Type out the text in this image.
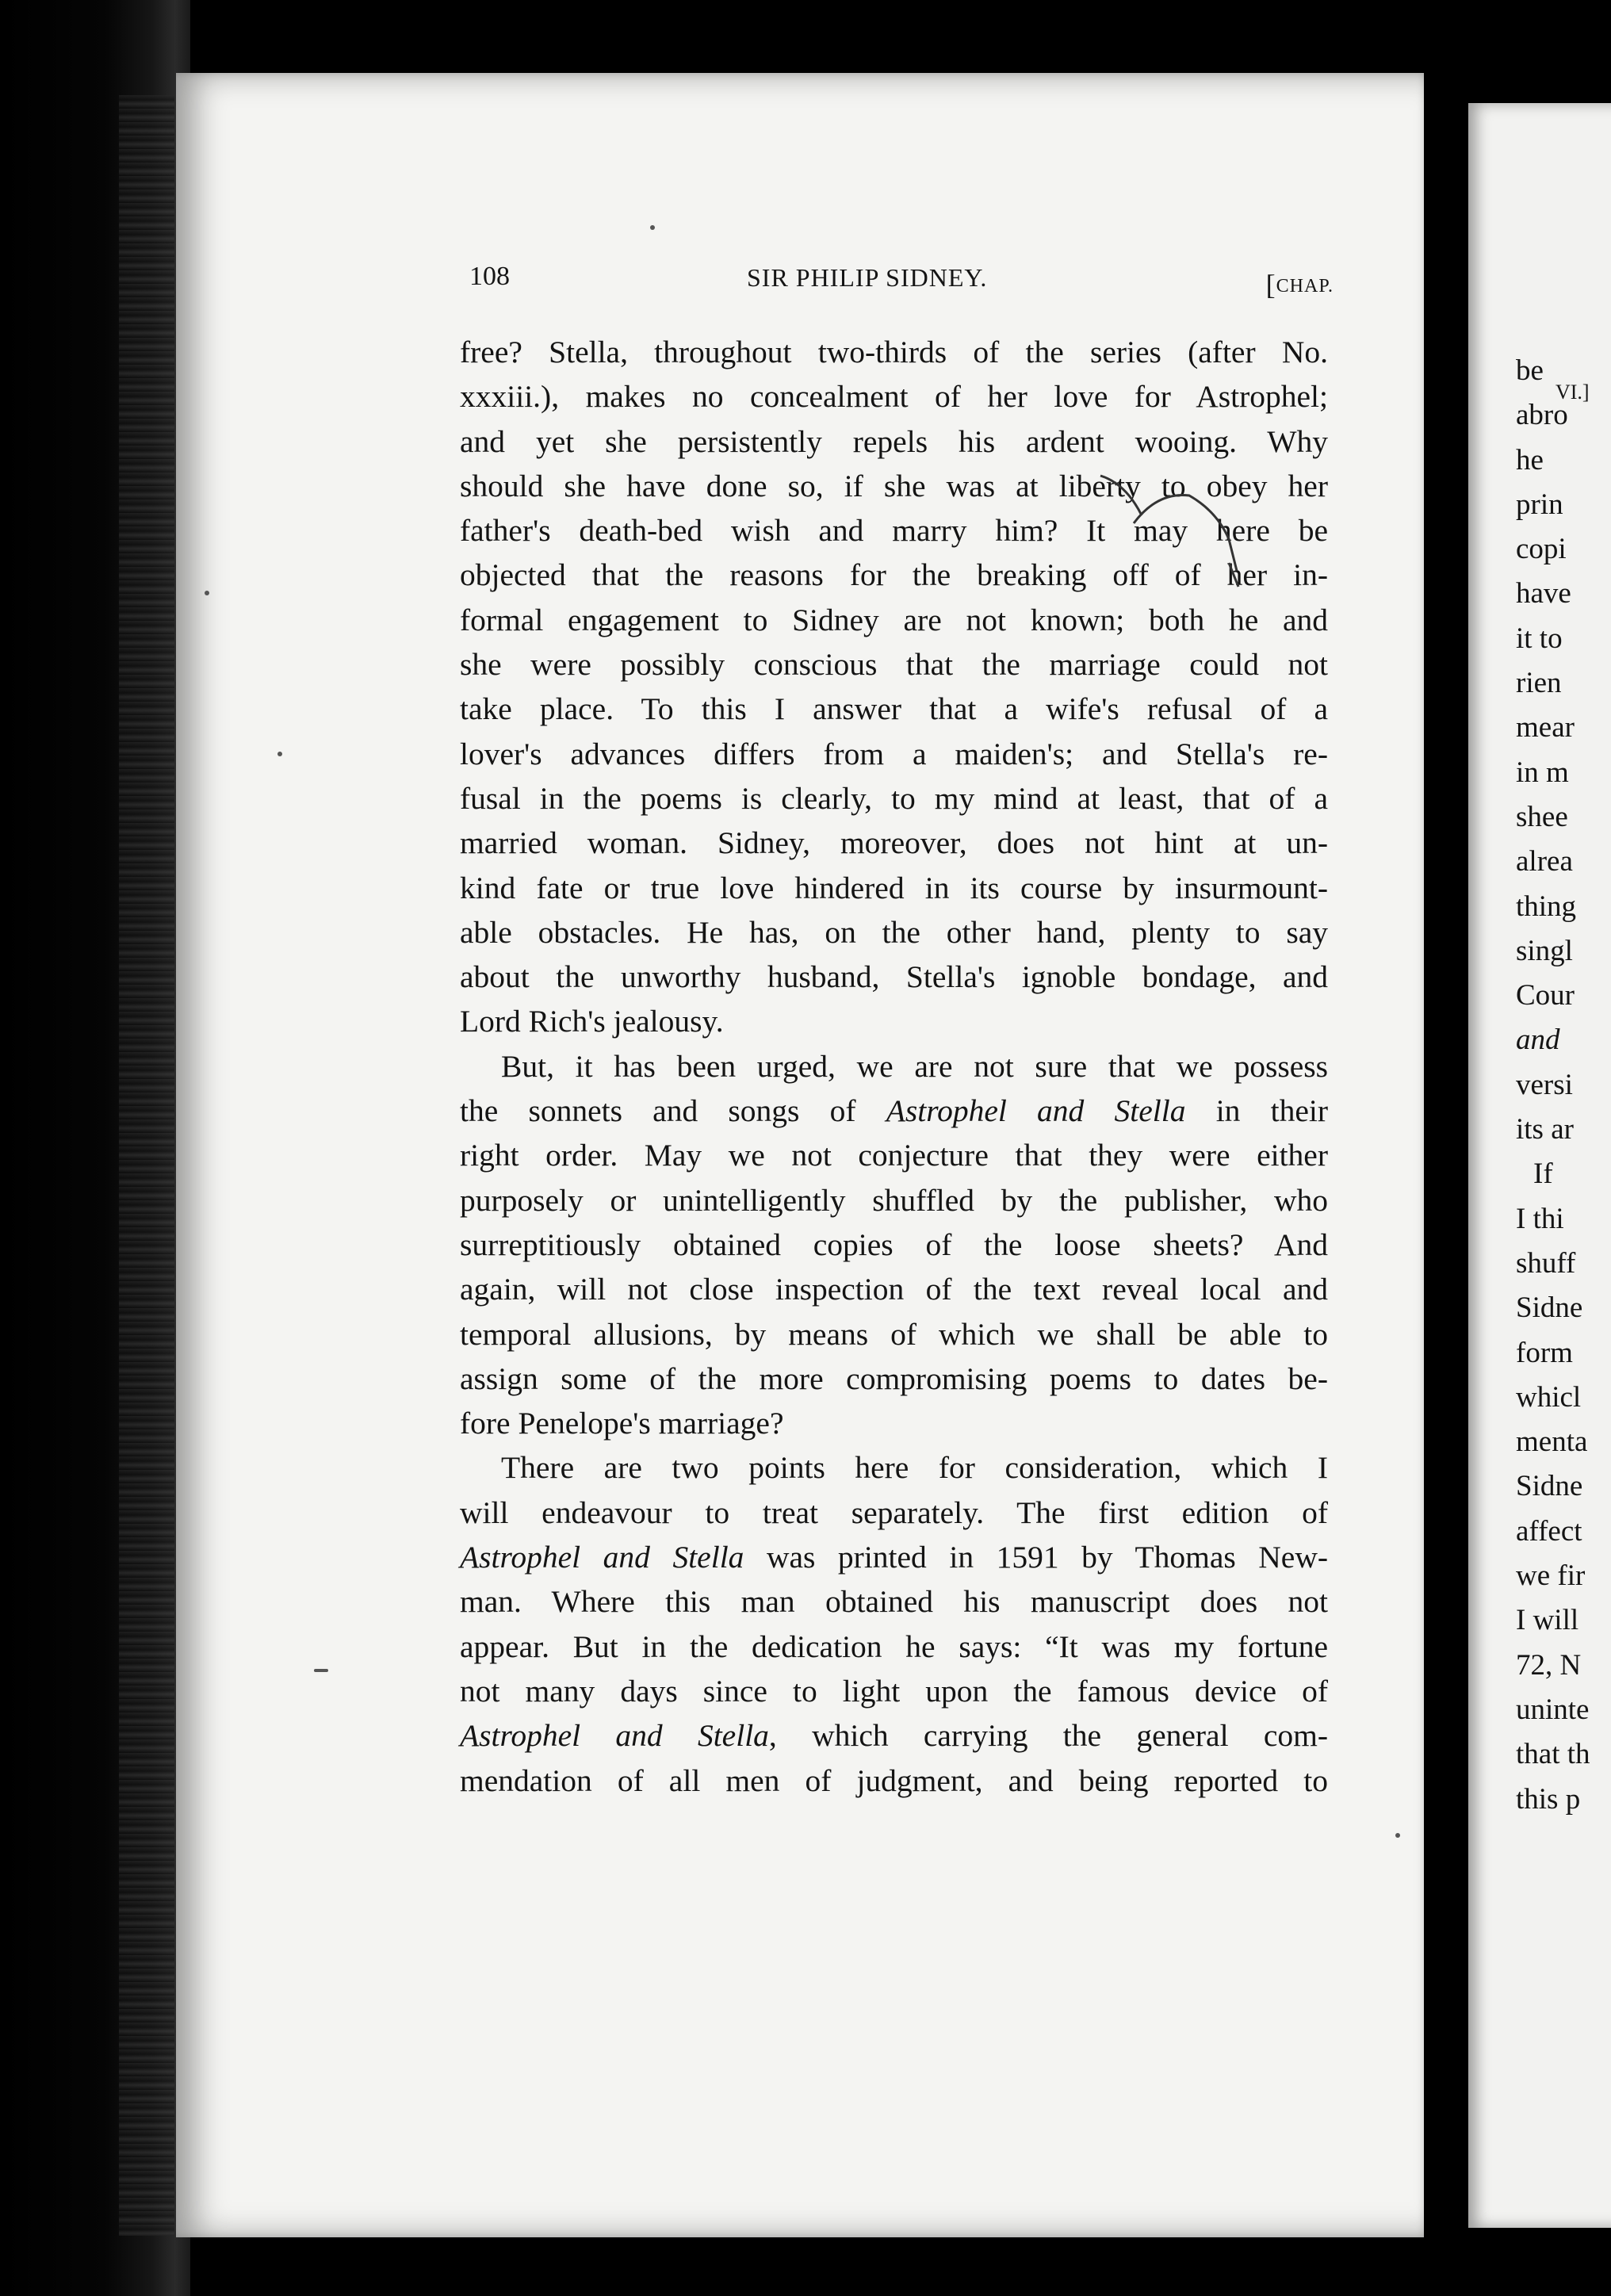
VI.]
108	SIR PHILIP SIDNEY.	[CHAP.
free? Stella, throughout two-thirds of the series (after No.
xxxiii.), makes no concealment of her love for Astrophel;
and yet she persistently repels his ardent wooing. Why
should she have done so, if she was at liberty to obey her
father's death-bed wish and marry him? It may here be
objected that the reasons for the breaking off of her in-
formal engagement to Sidney are not known; both he and
she were possibly conscious that the marriage could not
take place. To this I answer that a wife's refusal of a
lover's advances differs from a maiden's; and Stella's re-
fusal in the poems is clearly, to my mind at least, that of a
married woman. Sidney, moreover, does not hint at un-
kind fate or true love hindered in its course by insurmount-
able obstacles. He has, on the other hand, plenty to say
about the unworthy husband, Stella's ignoble bondage, and
Lord Rich's jealousy.
But, it has been urged, we are not sure that we possess
the sonnets and songs of Astrophel and Stella in their
right order. May we not conjecture that they were either
purposely or unintelligently shuffled by the publisher, who
surreptitiously obtained copies of the loose sheets? And
again, will not close inspection of the text reveal local and
temporal allusions, by means of which we shall be able to
assign some of the more compromising poems to dates be-
fore Penelope's marriage?
There are two points here for consideration, which I
will endeavour to treat separately. The first edition of
Astrophel and Stella was printed in 1591 by Thomas New-
man. Where this man obtained his manuscript does not
appear. But in the dedication he says: “It was my fortune
not many days since to light upon the famous device of
Astrophel and Stella, which carrying the general com-
mendation of all men of judgment, and being reported to
be
abro
he
prin
copi
have
it to
rien
mear
in m
shee
alrea
thing
singl
Cour
and
versi
its ar
If
I thi
shuff
Sidne
form
whicl
menta
Sidne
affect
we fir
I will
72, N
uninte
that th
this p
